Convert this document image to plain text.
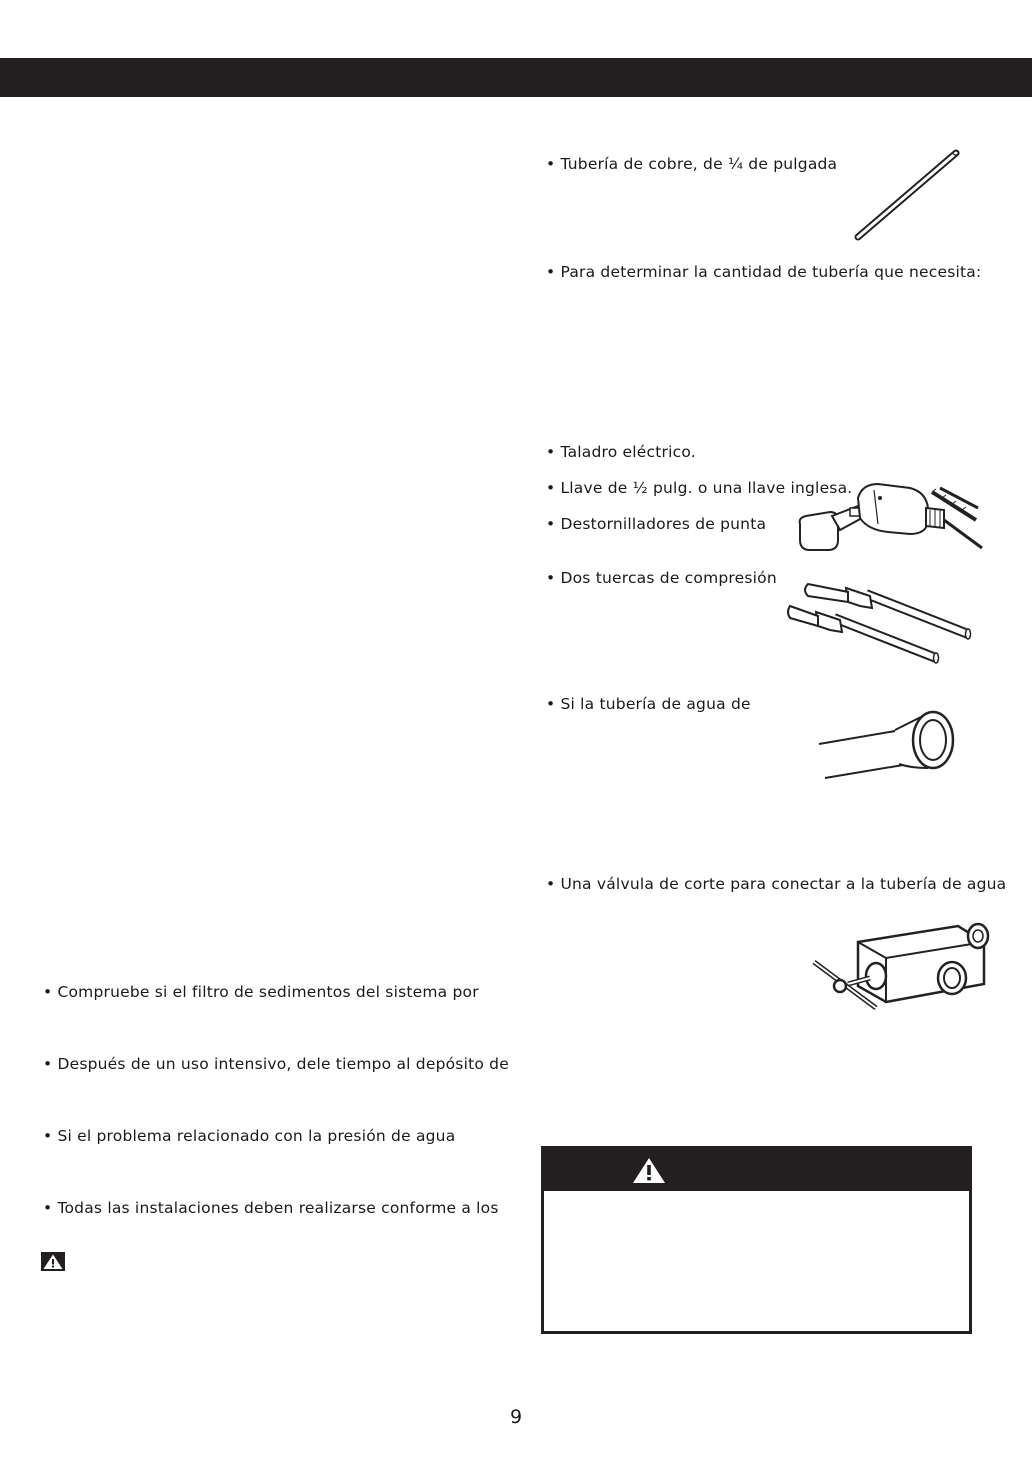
• Tubería de cobre, de ¼ de pulgada
• Para determinar la cantidad de tubería que necesita:
• Taladro eléctrico.
• Llave de ½ pulg. o una llave inglesa.
• Destornilladores de punta
• Dos tuercas de compresión
• Si la tubería de agua de
• Una válvula de corte para conectar a la tubería de agua
• Compruebe si el filtro de sedimentos del sistema por
• Después de un uso intensivo, dele tiempo al depósito de
• Si el problema relacionado con la presión de agua
• Todas las instalaciones deben realizarse conforme a los
9
